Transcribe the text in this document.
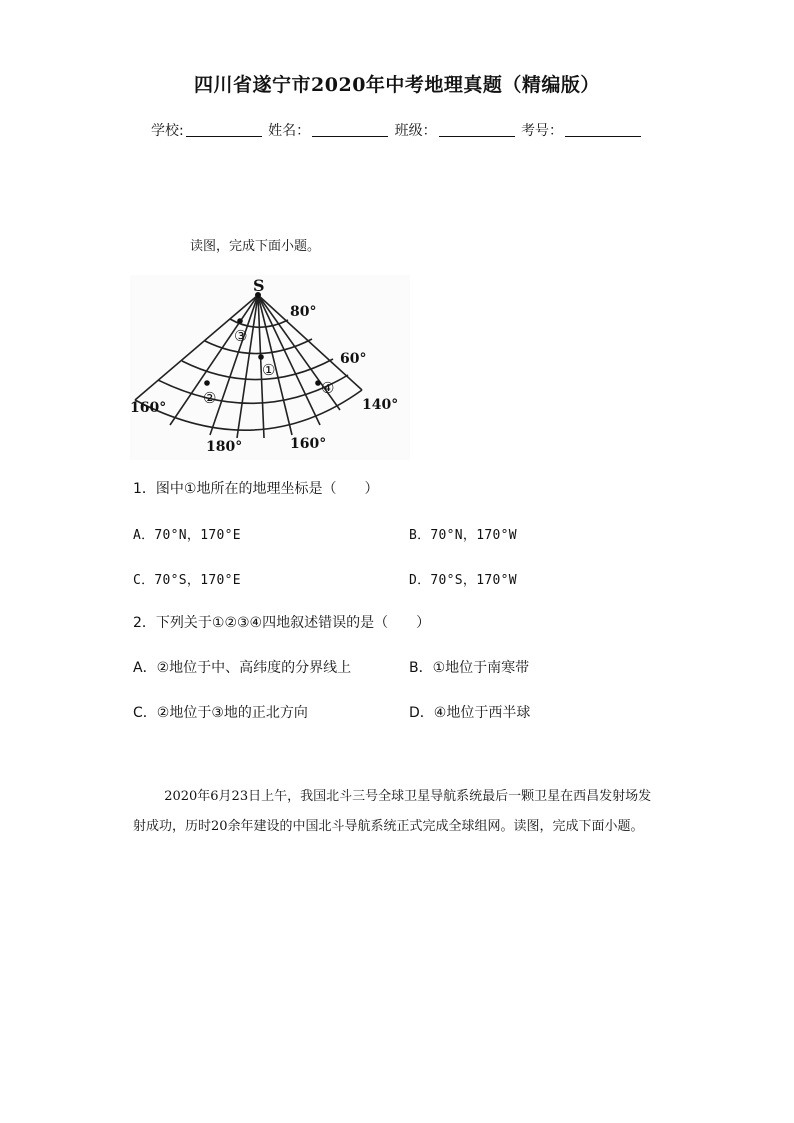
四川省遂宁市2020年中考地理真题（精编版）
学校:	姓名：	班级：	考号：
读图，完成下面小题。
S
80°
60°
160°
180°	160°
140°
①
②
③
④
1．图中①地所在的地理坐标是（　　）
A．70°N，170°E	B．70°N，170°W
C．70°S，170°E	D．70°S，170°W
2．下列关于①②③④四地叙述错误的是（　　）
A．②地位于中、高纬度的分界线上	B．①地位于南寒带
C．②地位于③地的正北方向	D．④地位于西半球

2020年6月23日上午，我国北斗三号全球卫星导航系统最后一颗卫星在西昌发射场发射成功，历时20余年建设的中国北斗导航系统正式完成全球组网。读图，完成下面小题。
